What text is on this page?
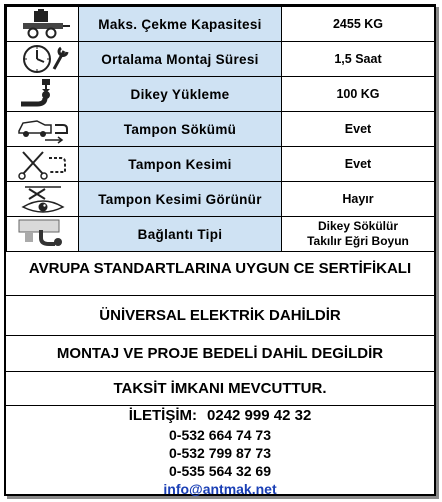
	Maks. Çekme Kapasitesi	2455 KG

	Ortalama Montaj Süresi	1,5 Saat

	Dikey Yükleme	100 KG

	Tampon Sökümü	Evet

	Tampon Kesimi	Evet

	Tampon Kesimi Görünür	Hayır

	Bağlantı Tipi	Dikey Sökülür
Takılır Eğri Boyun
AVRUPA STANDARTLARINA UYGUN CE SERTİFİKALI
ÜNİVERSAL ELEKTRİK DAHİLDİR
MONTAJ VE PROJE BEDELİ DAHİL DEGİLDİR
TAKSİT İMKANI MEVCUTTUR.
İLETİŞİM: 0242 999 42 32
0-532 664 74 73
0-532 799 87 73
0-535 564 32 69
info@antmak.net
